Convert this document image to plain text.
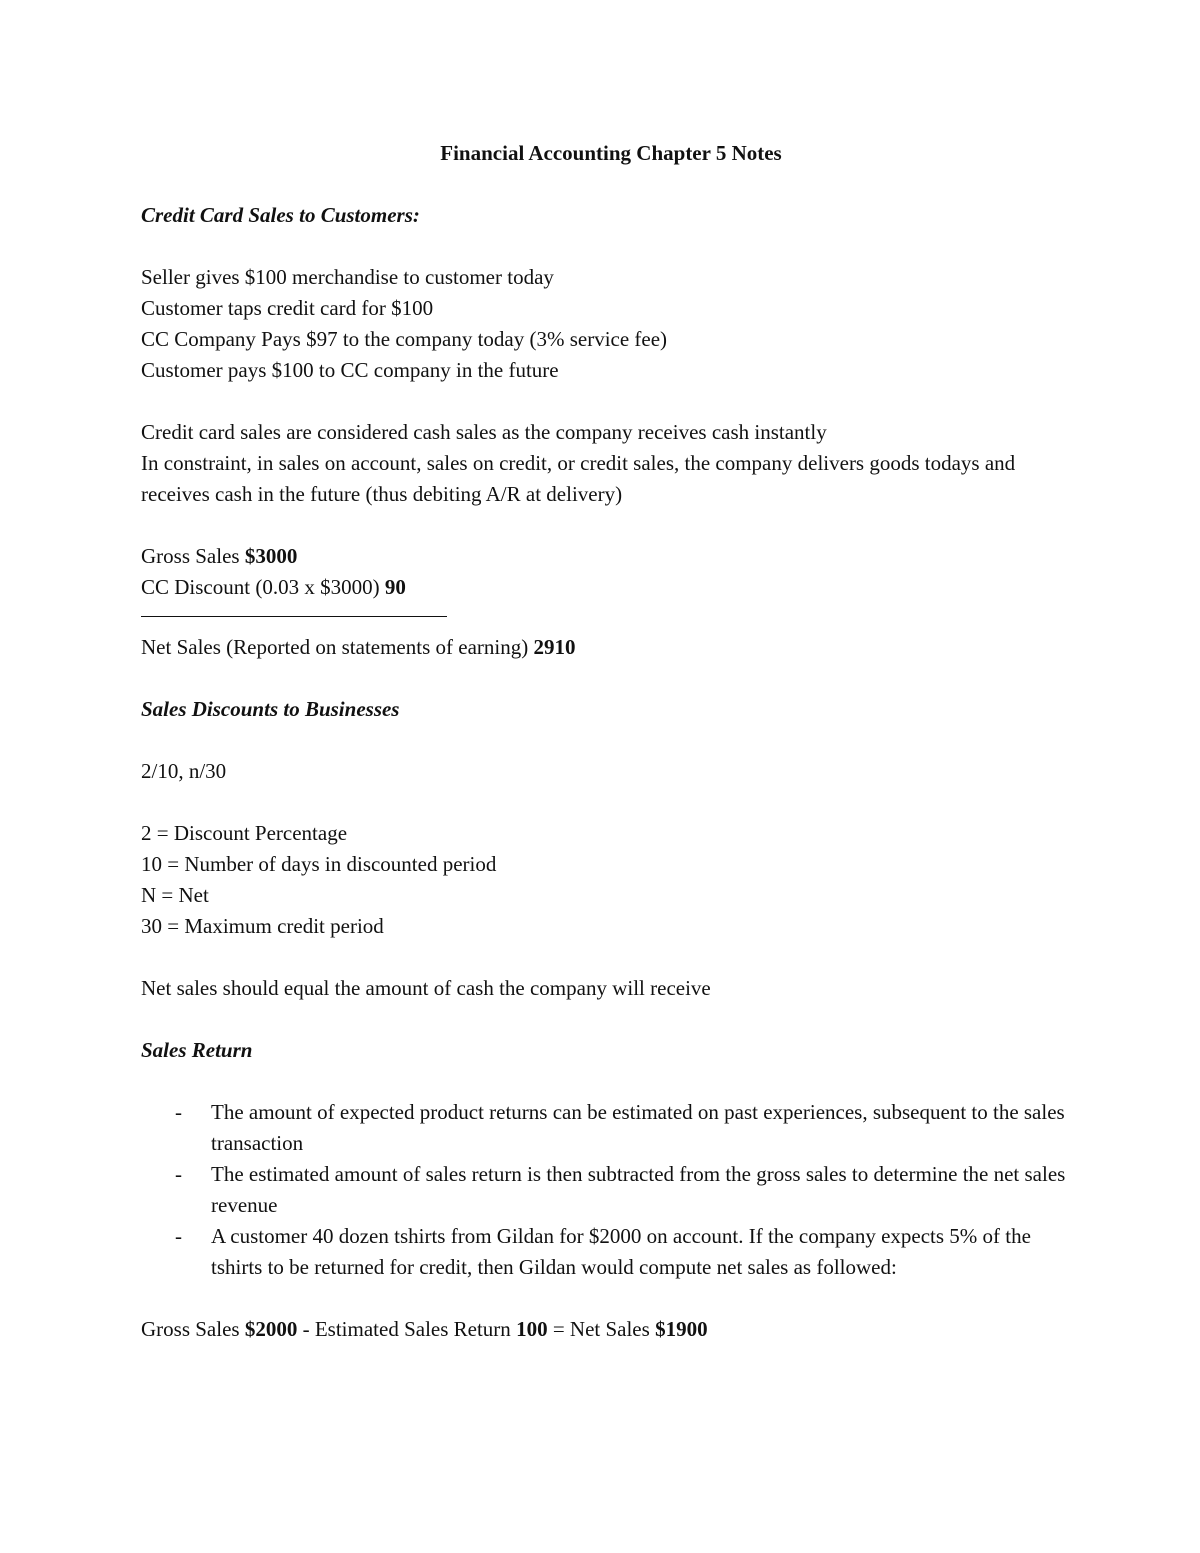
Financial Accounting Chapter 5 Notes
Credit Card Sales to Customers:
Seller gives $100 merchandise to customer today
Customer taps credit card for $100
CC Company Pays $97 to the company today (3% service fee)
Customer pays $100 to CC company in the future
Credit card sales are considered cash sales as the company receives cash instantly
In constraint, in sales on account, sales on credit, or credit sales, the company delivers goods todays and receives cash in the future (thus debiting A/R at delivery)
Gross Sales $3000
CC Discount (0.03 x $3000) 90
Net Sales (Reported on statements of earning) 2910
Sales Discounts to Businesses
2/10, n/30
2 = Discount Percentage
10 = Number of days in discounted period
N = Net
30 = Maximum credit period
Net sales should equal the amount of cash the company will receive
Sales Return
- The amount of expected product returns can be estimated on past experiences, subsequent to the sales transaction
- The estimated amount of sales return is then subtracted from the gross sales to determine the net sales revenue
- A customer 40 dozen tshirts from Gildan for $2000 on account. If the company expects 5% of the tshirts to be returned for credit, then Gildan would compute net sales as followed:
Gross Sales $2000 - Estimated Sales Return 100 = Net Sales $1900
